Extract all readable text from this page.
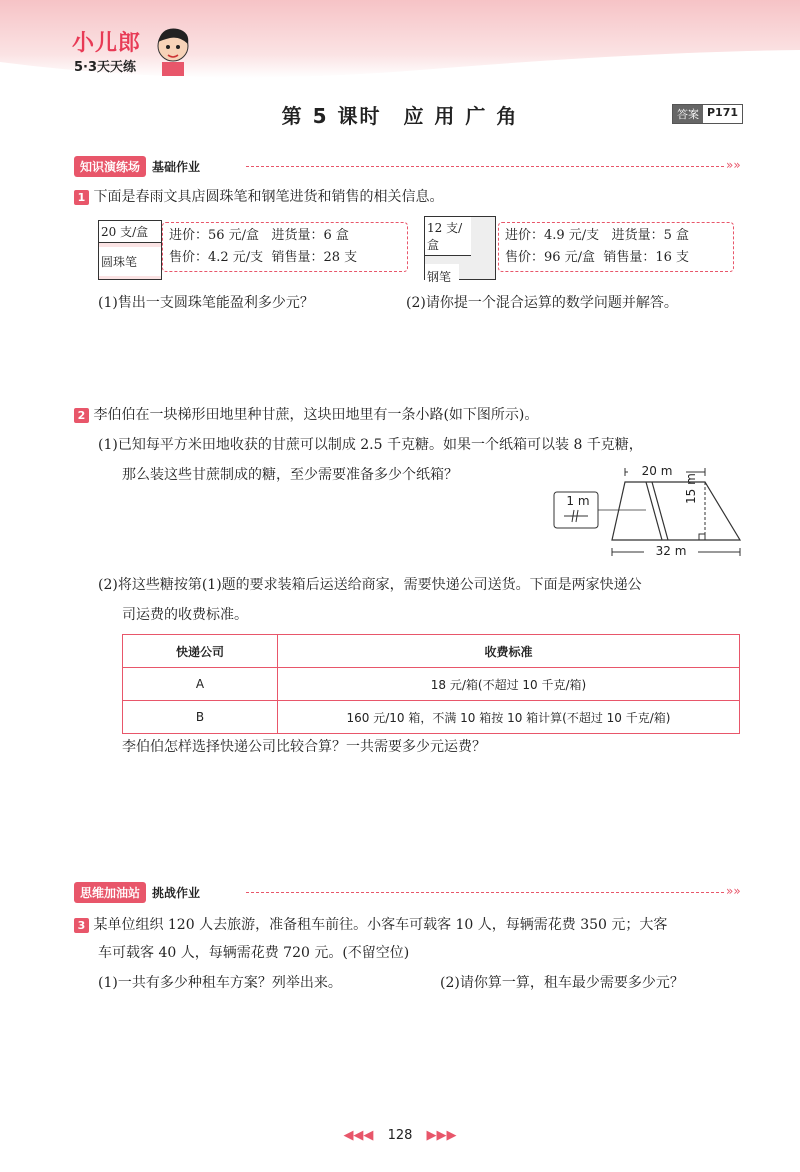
小儿郎
5·3天天练
第 5 课时　应 用 广 角	答案 P171
知识演练场	基础作业	»»
1 下面是春雨文具店圆珠笔和钢笔进货和销售的相关信息。
20 支/盒
圆珠笔
进价：56 元/盒 进货量：6 盒
售价：4.2 元/支 销售量：28 支
12 支/盒
钢笔
进价：4.9 元/支 进货量：5 盒
售价：96 元/盒 销售量：16 支
(1)售出一支圆珠笔能盈利多少元？	(2)请你提一个混合运算的数学问题并解答。
2 李伯伯在一块梯形田地里种甘蔗，这块田地里有一条小路(如下图所示)。
(1)已知每平方米田地收获的甘蔗可以制成 2.5 千克糖。如果一个纸箱可以装 8 千克糖，
那么装这些甘蔗制成的糖，至少需要准备多少个纸箱？	20 m
32 m
15 m
1 m
(2)将这些糖按第(1)题的要求装箱后运送给商家，需要快递公司送货。下面是两家快递公
司运费的收费标准。
快递公司	收费标准
A	18 元/箱(不超过 10 千克/箱)
B	160 元/10 箱，不满 10 箱按 10 箱计算(不超过 10 千克/箱)
李伯伯怎样选择快递公司比较合算？一共需要多少元运费？
思维加油站	挑战作业	»»
3 某单位组织 120 人去旅游，准备租车前往。小客车可载客 10 人，每辆需花费 350 元；大客
车可载客 40 人，每辆需花费 720 元。(不留空位)
(1)一共有多少种租车方案？列举出来。	(2)请你算一算，租车最少需要多少元？
◀◀◀ 128 ▶▶▶
